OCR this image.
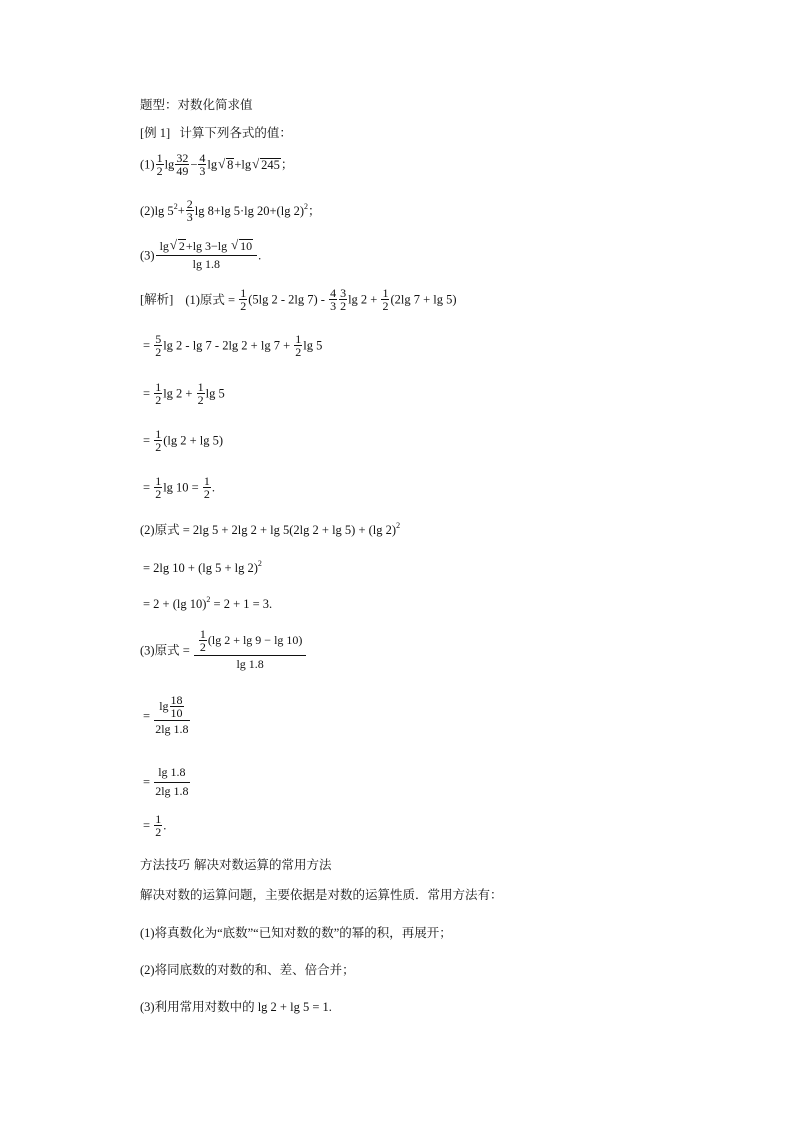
题型：对数化简求值
[例 1] 计算下列各式的值：
$(1) \frac{1}{2}$ $\lg \frac{32}{49} - \frac{4}{3} \lg√$ 8+lg√ 245；
(2)lg $5^2+ \frac{2}{3}$ lg 8+lg 5·lg 20+(lg 2)$^2$；
$(3) \frac{\lg√ 2+\lg 3-\lg √ 10}{\lg 1.8}$ .
[解析] (1)原式 = $\frac{1}{2} (5\lg$ 2 - 2lg $7) - \frac{4}{3} \frac{3}{2}$ $\lg 2 + \frac{1}{2} (2\lg$ 7 + lg 5)
= $\frac{5}{2}$ lg 2 - lg 7 - 2lg $2 + \lg 7 + \frac{1}{2}$ lg 5
= $\frac{1}{2}$ $\lg 2 + \frac{1}{2}$ lg 5
= $\frac{1}{2} (\lg$ 2 + lg 5)
= $\frac{1}{2}$ $\lg 10 = \frac{1}{2}$ .
(2)原式 = 2lg 5 + 2lg 2 + lg 5(2lg 2 + lg 5) + (lg 2)$^2$
= 2lg 10 + (lg 5 + lg 2)$^2$
= 2 + (lg 10)$^2$ = 2 + 1 = 3.
(3)原式 = $\frac{\frac{1}{2} (\lg 2 + \lg 9 - \lg 10)}{\lg 1.8}$
= $\frac{\lg \frac{18}{10}}{2\lg 1.8}$
= $\frac{\lg 1.8}{2\lg 1.8}$
= $\frac{1}{2}$ .
方法技巧 解决对数运算的常用方法
解决对数的运算问题，主要依据是对数的运算性质．常用方法有：
(1)将真数化为“底数”“已知对数的数”的幂的积，再展开；
(2)将同底数的对数的和、差、倍合并；
(3)利用常用对数中的 lg 2 + lg 5 = 1.
